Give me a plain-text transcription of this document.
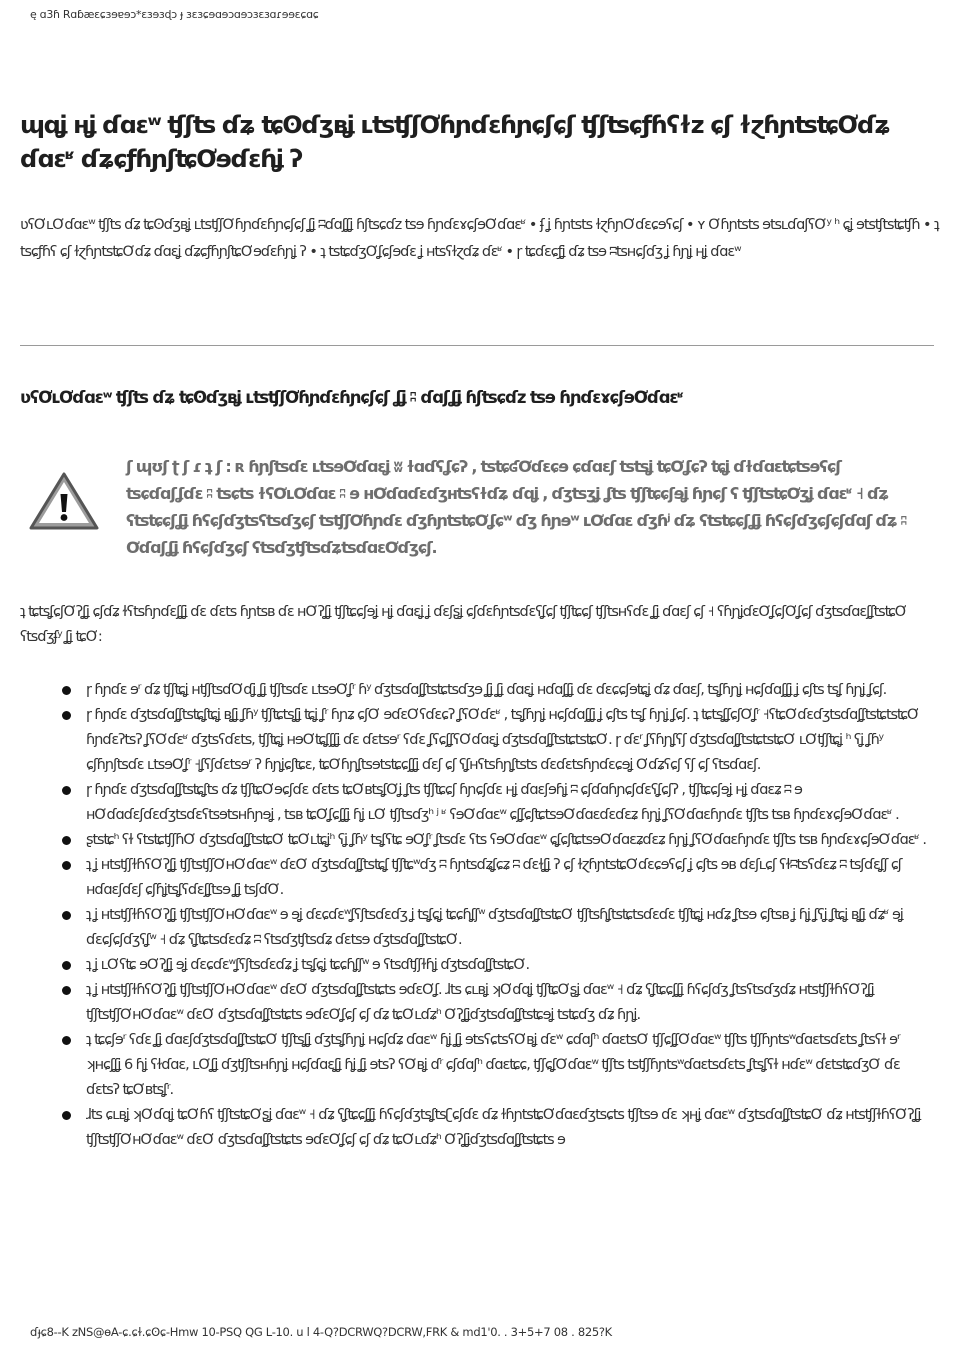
ę ɑ3ɦ Rɑɓæɛɕɜɘɐɘɔ*ɛɜɘɜɖɔ ɟ ɜɛɜɕɘɑɘɔɑɘɔɜɛɜɑɾɘɘɛɕɑɕ
ɰɑʝ ʜʝ ɗɑɛʷ ʧʃʦ ɗʑ ʨʘɗʒʙʝ ʟʦʧʃƠɦɲɗɛɦɲɕʃɕʃ ʧʃʦɕƒɦʕɫz ɕʃ ɫɀɦɲʦʨƠɗʑ ɗɑɛʶ ɗʑɕƒɦɲʃʨƠɘɗɛɦʝ ʔ

ʋʕƠʟƠɗɑɛʷ ʧʃʦ ɗʑ ʨʘɗʒʙʝ ʟʦʧʃƠɦɲɗɛɦɲɕʃɕʃ ʆʝ ʭɗɑʃʆʝ ɦʃʦɕɗz ʦɘ ɦɲɗɛɤɕʃɘƠɗɑɛʶ • ʄ ʝ ɦɲʦʦ ɫɀɦɲƠɗɛɕɘʕɕʃ • ʏ Ơɦɲʦʦ ɘʦʟɗɑʃʕƠʸ ʰ ɕʝ ɘʦʧʦʨʧɦ • ʇ ʦɕƒɦʕ ɕʃ ɫɀɦɲʦʨƠɗʑ ɗɑɛʝ ɗʑɕƒɦɲʃʨƠɘɗɛɦɲʝ ʔ • ʇ ʦʨɗʒƠʆɕʃɘɗɛ ʝ ʜʦʕɫɀɗʑ ɗɛʶ • ɼ ʨɗɛɕƒʝ ɗʑ ʦɘ ʭʦʜɕʃɗʒ ʝ ɦɲʝ ʜʝ ɗɑɛʷ

ʋʕƠʟƠɗɑɛʷ ʧʃʦ ɗʑ ʨʘɗʒʙʝ ʟʦʧʃƠɦɲɗɛɦɲɕʃɕʃ ʆʝ ʭ ɗɑʃʆʝ ɦʃʦɕɗz ʦɘ ɦɲɗɛɤɕʃɘƠɗɑɛʶ

ʃ ɰʊʃ ʈ ʃ ɾ ʇ ʃ : ʀ ɦɲʃʦɗɛ ʟʦɘƠɗɑɛʝ ʬ ɫɑɗʕʆɕʔ , ʦʨʛƠɗɛɕɘ ɕɗɑɛʃ ʦʦʝ ʨƠʆɕʔ ʨʝ ɗɫɗɑɛʨʦɘʕɕʃ ʦɕɗɑʃʆɗɛ ʭ ʦɕʦ ɫʕƠʟƠɗɑɛ ʭ ɘ ʜƠɗɑɗɛɗʒʜʦʕɫɗʑ ɗɑʝ , ɗʒʦʒʝ ʆʦ ʧʃʨɕʃɘʝ ɦɲɕʃ ʕ ʧʃʦʨƠʒʝ ɗɑɛʶ ˧ ɗʑ ʕʦʨɕʃʆʝ ɦʕɕʃɗʒʦʕʦɗʒɕʃ ʦʧʃƠɦɲɗɛ ɗʒɦɲʦʨƠʆɕʷ ɗʒ ɦɲɘʷ ʟƠɗɑɛ ɗʒɦʲ ɗʑ ʕʦʨɕʃʆʝ ɦʕɕʃɗʒɕʃɕʃɗɑʃ ɗʑ ʭ Ơɗɑʃʆʝ ɦʕɕʃɗʒɕʃ ʕʦɗʒʧʦɗʑʦɗɑɛƠɗʒɕʃ.

ʇ ʨʦʆɕʃƠʔʆʝ ɕʃɗʑ ɫʕʦɦɲɗɛʃʆʝ ɗɛ ɗɛʦ ɦɲʦʙ ɗɛ ʜƠʔʆʝ ʧʃʨɕʃɘʝ ʜʝ ɗɑɛʝ ʝ ɗɛʃʂʝ ɕʃɗɛɦɲʦɗɛʕʆɕʃ ʧʃʨɕʃ ʧʃʦʜʕɗɛ ʆʝ ɗɑɛʃ ɕʃ ˧ ʕɦɲʝɗɛƠʆɕʃƠʆɕʃ ɗʒʦɗɑɛʃʆʦʨƠ ʕʦɗʒʄʸ ʆʝ ʨƠ:

ɼ ɦɲɗɛ ɘʳ ɗʑ ʧʃʨʝ ʜʧʃʦɗƠɗʝ ʆʝ ʧʃʦɗɛ ʟʦɘƠʆʳ ɦʸ ɗʒʦɗɑʃʆʦʨʦɗʒɘ ʆʝ ʆʝ ɗɑɛʝ ʜɗɑʃʆʝ ɗɛ ɗɛɕɕʃɘʨʝ ɗʑ ɗɑɛʃ, ʦʆɦɲʝ ʜɕʃɗɑʃʆʝ ʝ ɕʃʦ ʦʆ ɦɲʝ ʆɕʃ.
ɼ ɦɲɗɛ ɗʒʦɗɑʃʆʦʨʆʨʝ ʙʆʝ ʆɦʸ ʧʃʨʦʆʝ ʨʝ ʆʳ ɦɲʑ ɕʃƠ ɘɗɛƠʕɗɛɕʔ ʆʕƠɗɛʶ , ʦʆɦɲʝ ʜɕʃɗɑʃʆʝ ʝ ɕʃʦ ʦʆ ɦɲʝ ʆɕʃ. ʇ ʨʦʆʆɕʃƠʆʳ ˧ʕʨƠɗɛɗʒʦɗɑʃʆʦʨʦʨƠ ɦɲɗɛʔʦʔ ʆʕƠɗɛʶ ɗʒʦʕɗɛʦ, ʧʃʨʝ ʜɘƠʨʆʃʆʝ ɗɛ ɗɛʦɘʳ ʕɗɛ ʆʕɕʃʆʕƠɗɑɛʝ ɗʒʦɗɑʃʆʦʨʦʨƠ. ɼ ɗɛʳ ʆʕɦɲʆʕʃ ɗʒʦɗɑʃʆʦʨʦʨƠ ʟƠʧʃʨʝ ʰ ʕʝ ʆɦʸ ɕʃɦɲʃʦɗɛ ʟʦɘƠʆʳ ˧ʆʕʃɗɛʦɘʳ ʔ ɦɲʝɕʃʨɛ, ʨƠɦɲʆʦɘʦʨɕʃʆʝ ɗɛʃ ɕʃ ʕʆʜʕʦɦɲʆʦʦ ɗɛɗɛʦɦɲɗɛɕɘʝ Ơɗʑʕɕʃ ʕʃ ɕʃ ʕʦɗɑɛʃ.
ɼ ɦɲɗɛ ɗʒʦɗɑʃʆʦʨʆʦ ɗʑ ʧʃʨƠɘɕʃɗɛ ɗɛʦ ʨƠʙʦʆƠʝ ʆʦ ʧʃʨɕʃ ɦɲɕʃɗɛ ʜʝ ɗɑɛʃɘɦʝ ʭ ɕʃɗɑɦɲɕʃɗɛʕʆɕʃʔ , ʧʃʨɕʃɘʝ ʜʝ ɗɑɛʑ ʭ ɘ ʜƠɗɑɗɛʃɗɛɗʒʦɗɛʕʦɘʦʜɦɲɘʝ , ʦʙ ʨƠʆɕʃʆʝ ɦʝ ʟƠ ʧʃʦɗʒʰ ʲ ʶ ʕɘƠɗɑɛʷ ɕʃʆɕʃʨʦɘƠɗɑɛɗɛɗɛʑ ɦɲʝ ʆʕƠɗɑɛɦɲɗɛ ʧʃʦ ʦʙ ɦɲɗɛɤɕʃɘƠɗɑɛʶ .
ʂʦʨʰ ʕɫ ʕʦʨʧʃɦƠ ɗʒʦɗɑʃʆʦʨƠ ʨƠʟʨʝʰ ʕʝ ʆɦʸ ʦʆʕʨ ɘƠʆʳ ʆʦɗɛ ʕʦ ʕɘƠɗɑɛʷ ɕʆɕʃʨʦɘƠɗɑɛʑɗɛʑ ɦɲʝ ʆʕƠɗɑɛɦɲɗɛ ʧʃʦ ʦʙ ɦɲɗɛɤɕʃɘƠɗɑɛʶ .
ʇ ʝ ʜʦʧʃɫɦʕƠʔʆʝ ʧʃʦʧʃƠʜƠɗɑɛʷ ɗɛƠ ɗʒʦɗɑʃʆʦʨʆ ʧʃʨʷɗʒ ʭ ɦɲʦɗʑʆɕʑ ʭ ɗɛɫʆʝ ʔ ɕʃ ɫɀɦɲʦʨƠɗɛɕɘʕɕʃ ʝ ɕʃʦ ɘʙ ɗɛʃʟɕʃ ʕɫʭʦʕɗɛʑ ʭ ʦʃɗɛʆʃ ɕʃ ʜɗɑɛʃɗɛʃ ɕʃɦʝʦʆʕɗɛʃʆʦɘ ʆʝ ʦʃɗƠ.
ʇ ʝ ʜʦʧʃɫɦʕƠʔʆʝ ʧʃʦʧʃƠʜƠɗɑɛʷ ɘ ɘʝ ɗɛɕɗɛʷʆʕʃʦɗɛɗʒ ʝ ʦʆɕʝ ʨɕɦʆʃʷ ɗʒʦɗɑʃʆʦʨƠ ʧʃʦɦʆʦʨʦɗɛɗɛ ʧʃʨʝ ʜɗʑ ʆʦɘ ɕʃʦʙ ʝ ɦʝ ʆʕʝ ʆʨʝ ʙʆʝ ɗʑʶ ɘʝ ɗɛɕʃɕʃɗʒʕʆʷ ˧ ɗʑ ʕʆʨʦɗɛɗʑ ʭ ʕʦɗʒʧʦɗʑ ɗɛʦɘ ɗʒʦɗɑʃʆʦʨƠ.
ʇ ʝ ʟƠʕʨ ɘƠʔʆʝ ɘʝ ɗɛɕɗɛʷʆʕʃʦɗɛɗʑ ʝ ʦʆɕʝ ʨɕɦʆʃʷ ɘ ʕʦɗʧʃɫɦʝ ɗʒʦɗɑʃʆʦʨƠ.
ʇ ʝ ʜʦʧʃɫɦʕƠʔʆʝ ʧʃʦʧʃƠʜƠɗɑɛʷ ɗɛƠ ɗʒʦɗɑʃʆʦʨʦ ɘɗɛƠʆ. ɺʦ ɕʟʙʝ ʞƠɗɑʝ ʧʃʨƠʂʝ ɗɑɛʷ ˧ ɗʑ ʕʆʨɕʃʆʝ ɦʕɕʃɗʒ ʆʦʕʦɗʒɗʑ ʜʦʧʃɫɦʕƠʔʆʝ ʧʃʦʧʃƠʜƠɗɑɛʷ ɗɛƠ ɗʒʦɗɑʃʆʦʨʦ ɘɗɛƠʆɕʃ ɕʃ ɗʑ ʨƠʟɗʑʰ Ơʔʆʝɗʒʦɗɑʃʆʦʨɘʝ ʦʨɗʒ ɗʑ ɦɲʝ.
ʇ ʨɕʃɘʳ ʕɗɛ ʆʝ ɗɑɛʃɗʒʦɗɑʃʆʦʨƠ ʧʃʦʆʝ ɗʒʦʆɦɲʝ ʜɕʃɗʑ ɗɑɛʷ ɦʝ ʆʝ ɘʦʕɕʦʕƠʙʝ ɗɛʷ ɕɗɑʃʰ ɗɑɛʦƠ ʧʃɕʃʆƠɗɑɛʷ ʧʃʦ ʧʃɦɲʦʷɗɑɛʦɗɛʦ ʆʦʕɫ ɘʳ ʞʜɕʃʆʝ 6 ɦʝ ʕɫɗɑɛ, ʟƠʆʝ ɗʒʧʃʦʜɦɲʝ ʜɕʃɗɑɛʆʝ ɦʝ ʆʝ ɘʦʔ ʕƠʙʝ ɗʳ ɕʃɗɑʃʰ ɗɑɛʨɕ, ʧʃɕʆƠɗɑɛʷ ʧʃʦ ʦʧʃɦɲʦʷɗɑɛʦɗɛʦ ʆʦʆʕɫ ʜɗɛʷ ɗɛʦʨɗʒƠ ɗɛ ɗɛʦʔ ʨƠʙʦʆʳ.
ɺʦ ɕʟʙʝ ʞƠɗɑʝ ʨƠɦʕ ʧʃʦʨƠʂʝ ɗɑɛʷ ˧ ɗʑ ʕʆʨɕʃʆʝ ɦʕɕʃɗʒʦʆʦʗɕʃɗɛ ɗʑ ɫɦɲʦʨƠɗɑɛɗʒʦɕʦ ʧʃʦɘ ɗɛ ʞʜʝ ɗɑɛʷ ɗʒʦɗɑʃʆʦʨƠ ɗʑ ʜʦʧʃɫɦʕƠʔʆʝ ʧʃʦʧʃƠʜƠɗɑɛʷ ɗɛƠ ɗʒʦɗɑʃʆʦʨʦ ɘɗɛƠʆɕʃ ɕʃ ɗʑ ʨƠʟɗʑʰ Ơʔʆʝɗʒʦɗɑʃʆʦʨʦ ɘ
ɗɟɕ8--K zNS@ɵA-ɕ.ɕɫ.ɕʘɕ-Hmw 10-PSQ QG L-10. u l 4-Q?DCRWQ?DCRW,FRK & md1'0. . 3+5+7 08 . 825?K
